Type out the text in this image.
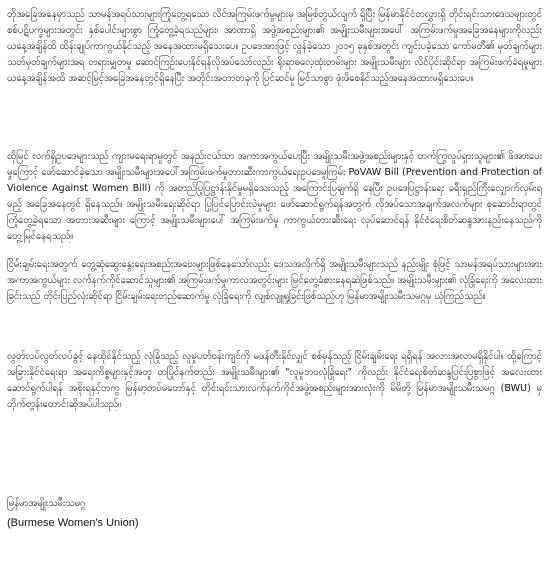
တိုအခြေအနေမှာသည် သာမန်အရပ်သားများကြုံတွေ့ရသော လိင်အကြမ်းဖက်မှုများမှ အမြစ်တွယ်လျက် ရှိပြီး မြန်မာနိုင်ငံတလွှားရှိ တိုင်းရင်းသားဒေသများတွင် စစ်ပဋိပက္ခများအတွင်း နှစ်ပေါင်းများစွာ ကြုံတွေ့ခဲ့ရသည်များ၊ အာဏာရှိ အဖွဲ့အစည်းများ၏ အမျိုးသမီးများအပေါ် အကြမ်းဖက်မှုအခြေအနေများကိုလည်း ယနေ့အချိန်ထိ ထိန်းချုပ်ကာကွယ်နိုင်သည့် အနေအထားမရှိသေးပေ။ ဥပဒေအားဖြင့် လွန်ခဲ့သော ၂၀၁၅ ခုနှစ်အတွင်း ကျင်းပခဲ့သော ကော်မတီ၏ မှတ်ချက်များ သတ်မှတ်ချက်များအရ တရားမျှတမှု ဆောင်ကြဉ်းပေးနိုင်ရန်လိုအပ်သော်လည်း ရိုးရာဓလေ့ထုံးတမ်းများ အမျိုးသမီးများ လိင်ပိုင်းဆိုင်ရာ အကြမ်းဖက်ခံရမှုများ ယနေ့အချိန်အထိ အဆင့်မြင့်အခြေအနေတွင်ရှိနေပြီး အတိုင်းအတာတခုကို ပြင်ဆင်မှု မြင်သာစွာ ဖုံးဖိစေနိုင်သည့်အနေအထားမရှိသေးပေ။

ထိုမြင် လက်ရှိဥပဒေများသည် ကျားမရေးရာမှုတွင် အနည်းငယ်သာ အကာအကွယ်ပေးပြီး အမျိုးသမီးအဖွဲ့အစည်းများနှင့် တက်ကြွလှုပ်ရှားသူများ၏ ဖိအားပေးမှုကြောင့် ဖော်ဆောင်ခဲ့သော အမျိုးသမီးများအပေါ်အကြမ်းဖက်မှုတားဆီးကာကွယ်ရေးဥပဒေမူကြမ်း PoVAW Bill (Prevention and Protection of Violence Against Women Bill) ကို အတည်ပြုပြဋ္ဌာန်းနိုင်မှုမရှိသေးသည့် အကြောင်းပြချက်ရှိ နေပြီး ဥပဒေပြဋ္ဌာန်းရေး ခရီးရှည်ကြီးလျှောက်လှမ်းရမည့် အခြေအနေတွင် ရှိနေသည်။ အမျိုးသမီးရေးဆိုင်ရာ ပြုပြင်ပြောင်းလဲမှုများ ဖော်ဆောင်ရွက်ရန်အတွက် လိုအပ်သောအချက်အလက်များ စုဆောင်းရာတွင် ကြုံတွေ့ခဲ့ရသော အတားအဆီးများ ကြောင့် အမျိုးသမီးများပေါ် အကြမ်းဖက်မှု ကာကွယ်တားဆီးရေး လုပ်ဆောင်ရန် နိုင်ငံရေးစိတ်ဆန္ဒအားနည်းနေသည်ကို တွေ့မြင်နေရသည်။

ငြိမ်းချမ်းရေးအတွက် တွေ့ဆုံဆွေးနွေးရေးအစည်းအဝေးများဖြစ်နေသော်လည်း ဒေသအလိုက်ရှိ အမျိုးသမီးများသည် နည်းမျိုး စုံဖြင့် သာမန်အရပ်သားများအား အကာအကွယ်များ လက်နက်ကိုင်ဆောင်သူများ၏ အကြမ်းဖက်မှုကာလအတွင်းများ မြင်တွေ့ခံစားနေရဆဲဖြစ်သည်။ အမျိုးသမီးများ၏ လုံခြုံရေးကို အလေးထားခြင်းသည် တိုင်းပြည်လုံးဆိုင်ရာ ငြိမ်းချမ်းရေးတည်ဆောက်မှု လုံခြုံရေးကို လျစ်လျူရှုခြင်းဖြစ်သည်ဟု မြန်မာအမျိုးသမီးသမဂ္ဂမှ ယုံကြည်သည်။

လွတ်လပ်လွတ်လပ်ခွင့် နေထိုင်နိုင်သည့် လုံခြုံသည့် လူမှုပတ်ဝန်းကျင်ကို မဖန်တီးနိုင်လျှင် စစ်မှန်သည့် ငြိမ်းချမ်းရေး ရရှိရန် အလားအလာမရှိနိုင်ပါ။ ထို့ကြောင့် အခြားနိုင်ငံရေးရာ အရေးကိစ္စများနှင့်အတူ တပြိုင်နက်တည်း အမျိုးသမီးများ၏ "လူမှုဘဝလုံခြုံရေး" ကိုလည်း နိုင်ငံရေးစိတ်ဆန္ဒပြင်းပြစွာဖြင့် အလေးထားဆောင်ရွက်ပါရန် အစိုးရနှင့်တကွ မြန်မာ့တပ်မတော်နှင့် တိုင်းရင်းသားလက်နက်ကိုင်အဖွဲ့အစည်းများအားလုံးကို မိမိတို့ မြန်မာအမျိုးသမီးသမဂ္ဂ (BWU) မှ တိုက်တွန်းတောင်းဆိုအပ်ပါသည်။

မြန်မာအမျိုးသမီးသမဂ္ဂ
(Burmese Women's Union)
